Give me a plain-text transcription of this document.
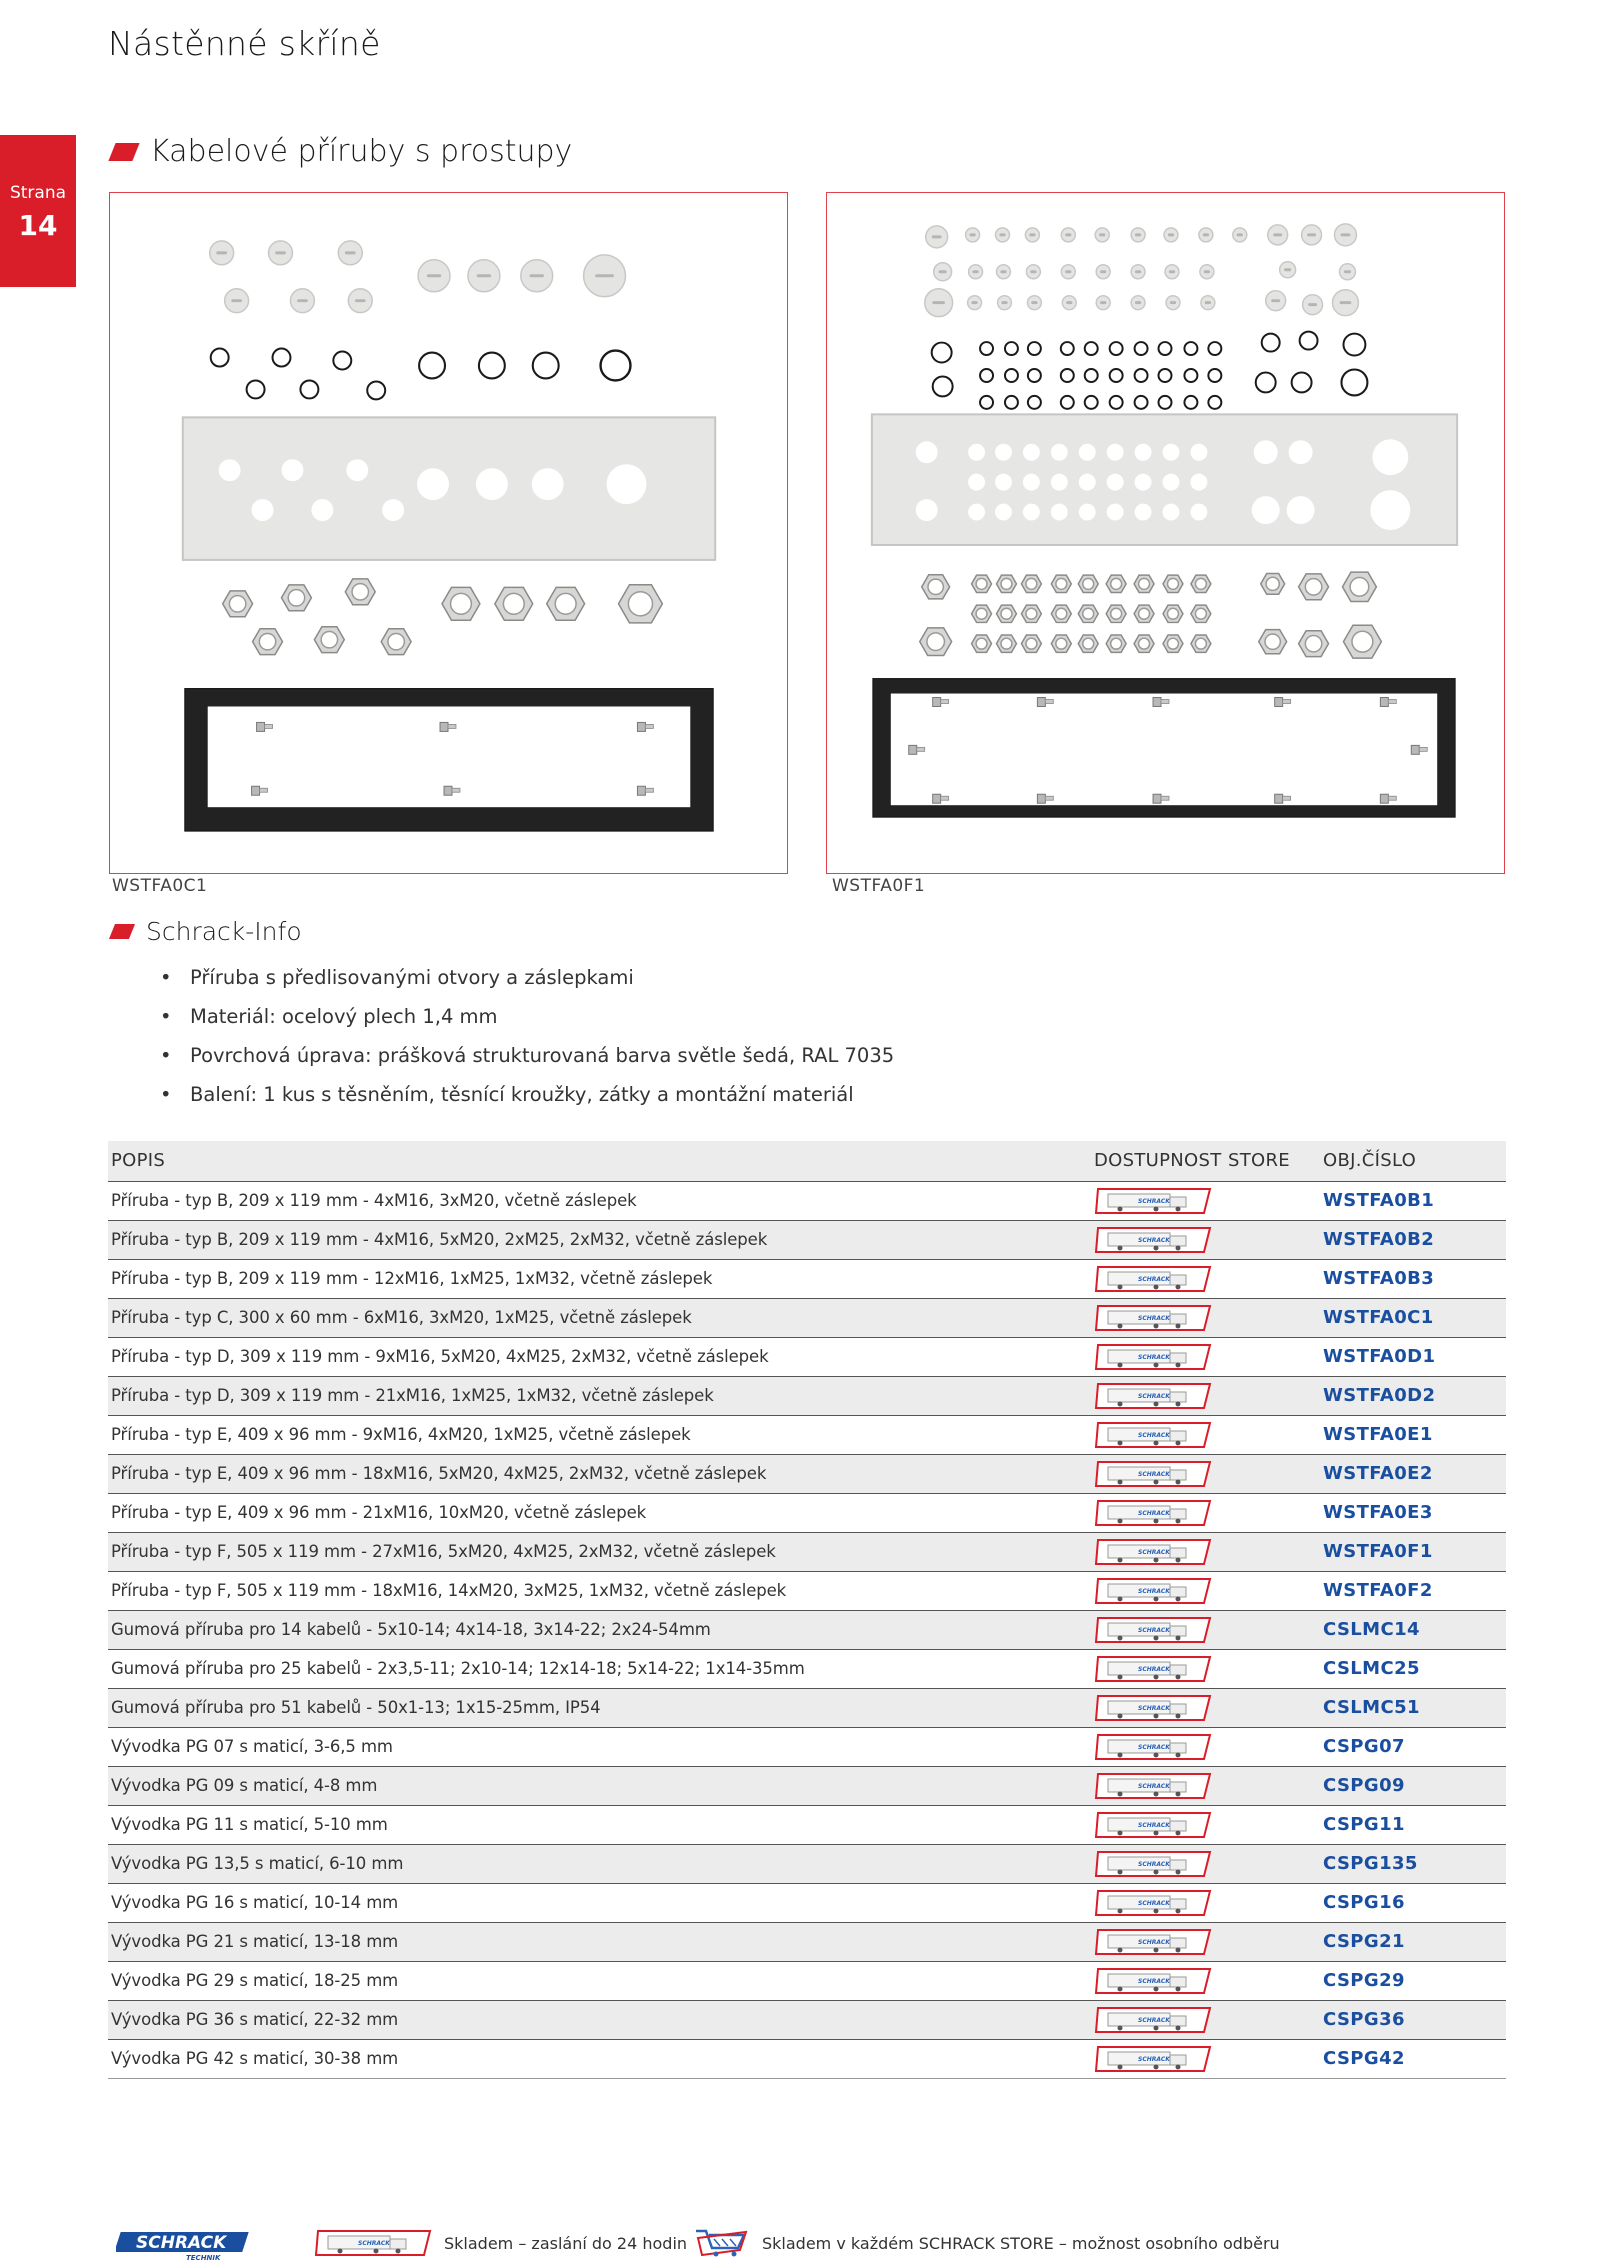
Nástěnné skříně
Strana
14
Kabelové příruby s prostupy
WSTFA0C1	WSTFA0F1
Schrack-Info
• Příruba s předlisovanými otvory a záslepkami
• Materiál: ocelový plech 1,4 mm
• Povrchová úprava: prášková strukturovaná barva světle šedá, RAL 7035
• Balení: 1 kus s těsněním, těsnící kroužky, zátky a montážní materiál
POPIS	DOSTUPNOST	STORE	OBJ.ČÍSLO
Příruba - typ B, 209 x 119 mm - 4xM16, 3xM20, včetně záslepek	SCHRACK		WSTFA0B1
Příruba - typ B, 209 x 119 mm - 4xM16, 5xM20, 2xM25, 2xM32, včetně záslepek	SCHRACK		WSTFA0B2
Příruba - typ B, 209 x 119 mm - 12xM16, 1xM25, 1xM32, včetně záslepek	SCHRACK		WSTFA0B3
Příruba - typ C, 300 x 60 mm - 6xM16, 3xM20, 1xM25, včetně záslepek	SCHRACK		WSTFA0C1
Příruba - typ D, 309 x 119 mm - 9xM16, 5xM20, 4xM25, 2xM32, včetně záslepek	SCHRACK		WSTFA0D1
Příruba - typ D, 309 x 119 mm - 21xM16, 1xM25, 1xM32, včetně záslepek	SCHRACK		WSTFA0D2
Příruba - typ E, 409 x 96 mm - 9xM16, 4xM20, 1xM25, včetně záslepek	SCHRACK		WSTFA0E1
Příruba - typ E, 409 x 96 mm - 18xM16, 5xM20, 4xM25, 2xM32, včetně záslepek	SCHRACK		WSTFA0E2
Příruba - typ E, 409 x 96 mm - 21xM16, 10xM20, včetně záslepek	SCHRACK		WSTFA0E3
Příruba - typ F, 505 x 119 mm - 27xM16, 5xM20, 4xM25, 2xM32, včetně záslepek	SCHRACK		WSTFA0F1
Příruba - typ F, 505 x 119 mm - 18xM16, 14xM20, 3xM25, 1xM32, včetně záslepek	SCHRACK		WSTFA0F2
Gumová příruba pro 14 kabelů - 5x10-14; 4x14-18, 3x14-22; 2x24-54mm	SCHRACK		CSLMC14
Gumová příruba pro 25 kabelů - 2x3,5-11; 2x10-14; 12x14-18; 5x14-22; 1x14-35mm	SCHRACK		CSLMC25
Gumová příruba pro 51 kabelů - 50x1-13; 1x15-25mm, IP54	SCHRACK		CSLMC51
Vývodka PG 07 s maticí, 3-6,5 mm	SCHRACK		CSPG07
Vývodka PG 09 s maticí, 4-8 mm	SCHRACK		CSPG09
Vývodka PG 11 s maticí, 5-10 mm	SCHRACK		CSPG11
Vývodka PG 13,5 s maticí, 6-10 mm	SCHRACK		CSPG135
Vývodka PG 16 s maticí, 10-14 mm	SCHRACK		CSPG16
Vývodka PG 21 s maticí, 13-18 mm	SCHRACK		CSPG21
Vývodka PG 29 s maticí, 18-25 mm	SCHRACK		CSPG29
Vývodka PG 36 s maticí, 22-32 mm	SCHRACK		CSPG36
Vývodka PG 42 s maticí, 30-38 mm	SCHRACK		CSPG42
SCHRACK
TECHNIK
SCHRACK	Skladem – zaslání do 24 hodin	Skladem v každém SCHRACK STORE – možnost osobního odběru
